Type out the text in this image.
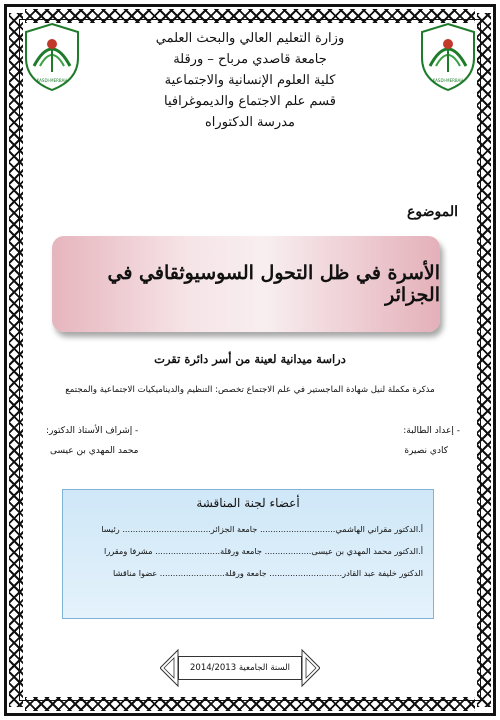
KASDI-MERBAH	KASDI-MERBAH
وزارة التعليم العالي والبحث العلمي
جامعة قاصدي مرباح – ورقلة
كلية العلوم الإنسانية والاجتماعية
قسم علم الاجتماع والديموغرافيا
مدرسة الدكتوراه
الموضوع
الأسرة في ظل التحول السوسيوثقافي في الجزائر
دراسة ميدانية لعينة من أسر دائرة تقرت
مذكرة مكملة لنيل شهادة الماجستير في علم الاجتماع تخصص: التنظيم والديناميكيات الاجتماعية والمجتمع
- إعداد الطالبة:
كادي نصيرة
- إشراف الأستاذ الدكتور:
محمد المهدي بن عيسى
أعضاء لجنة المناقشة
أ.الدكتور مقراني الهاشمي............................. جامعة الجزائر.................................. رئيسا
أ.الدكتور محمد المهدي بن عيسى.................. جامعة ورقلة......................... مشرفا ومقررا
الدكتور خليفة عبد القادر............................ جامعة ورقلة......................... عضوا مناقشا
السنة الجامعية 2014/2013
